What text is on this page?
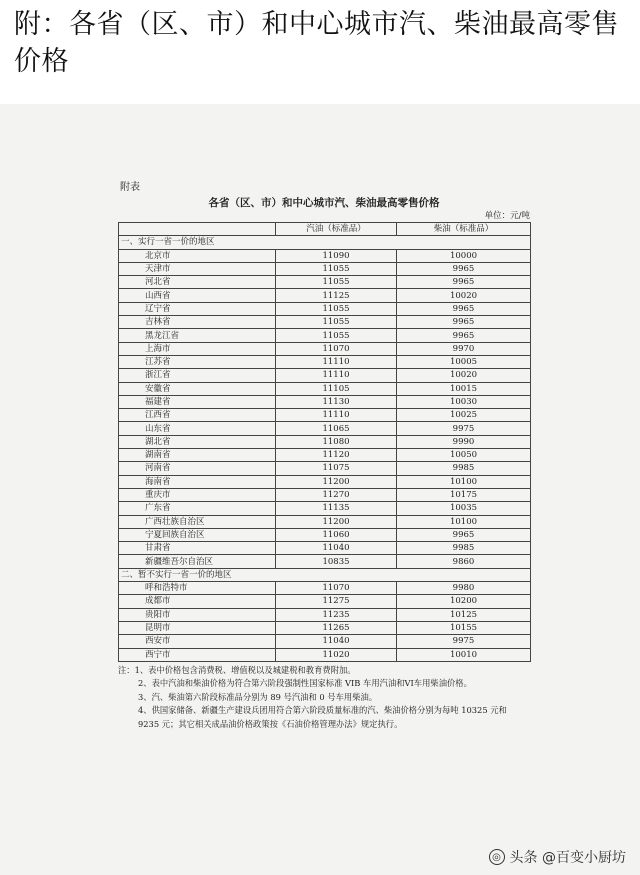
附：各省（区、市）和中心城市汽、柴油最高零售价格
附表
各省（区、市）和中心城市汽、柴油最高零售价格
单位：元/吨
	汽油（标准品）	柴油（标准品）
一、实行一省一价的地区		
北京市	11090	10000
天津市	11055	9965
河北省	11055	9965
山西省	11125	10020
辽宁省	11055	9965
吉林省	11055	9965
黑龙江省	11055	9965
上海市	11070	9970
江苏省	11110	10005
浙江省	11110	10020
安徽省	11105	10015
福建省	11130	10030
江西省	11110	10025
山东省	11065	9975
湖北省	11080	9990
湖南省	11120	10050
河南省	11075	9985
海南省	11200	10100
重庆市	11270	10175
广东省	11135	10035
广西壮族自治区	11200	10100
宁夏回族自治区	11060	9965
甘肃省	11040	9985
新疆维吾尔自治区	10835	9860
二、暂不实行一省一价的地区		
呼和浩特市	11070	9980
成都市	11275	10200
贵阳市	11235	10125
昆明市	11265	10155
西安市	11040	9975
西宁市	11020	10010

注：1、表中价格包含消费税、增值税以及城建税和教育费附加。

2、表中汽油和柴油价格为符合第六阶段强制性国家标准 VIB 车用汽油和VI车用柴油价格。

3、汽、柴油第六阶段标准品分别为 89 号汽油和 0 号车用柴油。

4、供国家储备、新疆生产建设兵团用符合第六阶段质量标准的汽、柴油价格分别为每吨 10325 元和 9235 元；其它相关成品油价格政策按《石油价格管理办法》规定执行。

◎ 头条 @百变小厨坊
